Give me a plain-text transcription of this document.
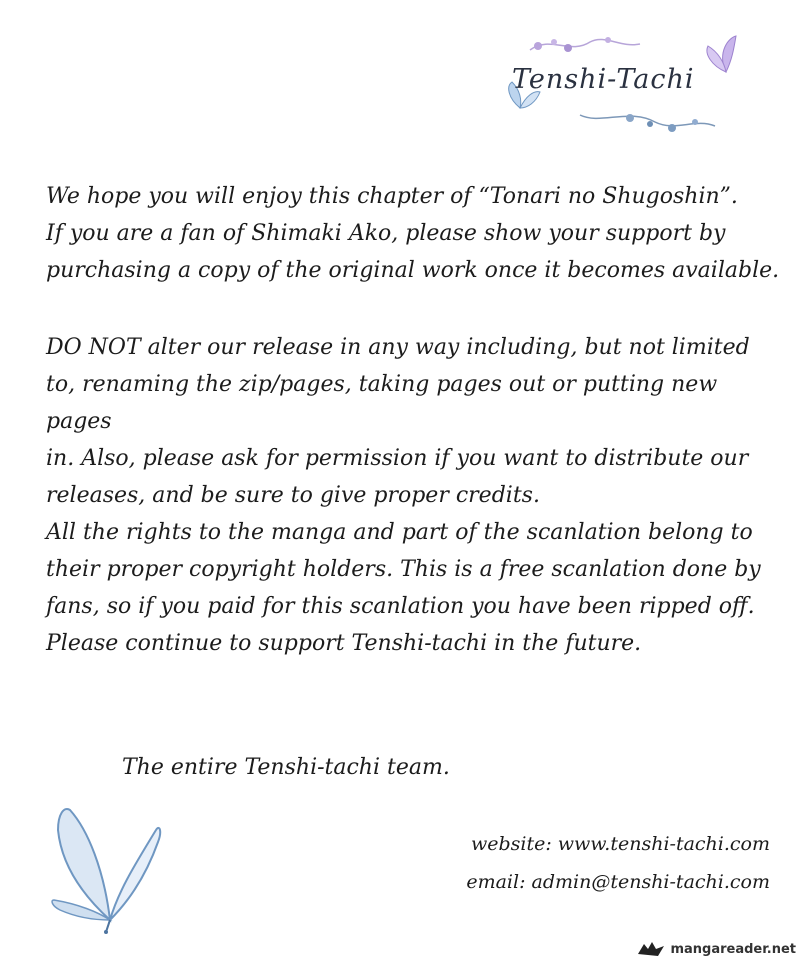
Tenshi-Tachi

We hope you will enjoy this chapter of “Tonari no Shugoshin”.
If you are a fan of Shimaki Ako, please show your support by
purchasing a copy of the original work once it becomes available.

DO NOT alter our release in any way including, but not limited
to, renaming the zip/pages, taking pages out or putting new pages
in. Also, please ask for permission if you want to distribute our
releases, and be sure to give proper credits.

All the rights to the manga and part of the scanlation belong to
their proper copyright holders. This is a free scanlation done by
fans, so if you paid for this scanlation you have been ripped off.
Please continue to support Tenshi-tachi in the future.

The entire Tenshi-tachi team.
website: www.tenshi-tachi.com
email: admin@tenshi-tachi.com
mangareader.net
